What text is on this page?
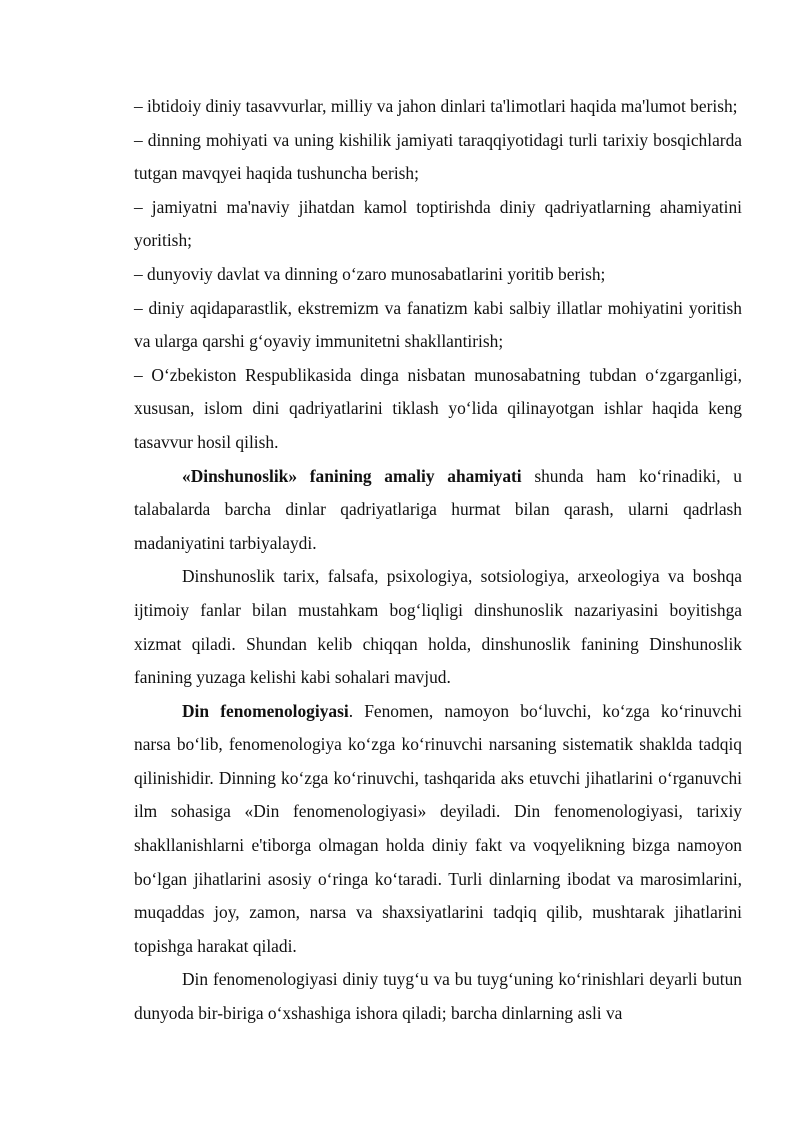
– ibtidoiy diniy tasavvurlar, milliy va jahon dinlari ta'limotlari haqida ma'lumot berish;

– dinning mohiyati va uning kishilik jamiyati taraqqiyotidagi turli tarixiy bosqichlarda tutgan mavqyei haqida tushuncha berish;

– jamiyatni ma'naviy jihatdan kamol toptirishda diniy qadriyatlarning ahamiyatini yoritish;

– dunyoviy davlat va dinning oʻzaro munosabatlarini yoritib berish;

– diniy aqidaparastlik, ekstremizm va fanatizm kabi salbiy illatlar mohiyatini yoritish va ularga qarshi gʻoyaviy immunitetni shakllantirish;

– Oʻzbekiston Respublikasida dinga nisbatan munosabatning tubdan oʻzgarganligi, xususan, islom dini qadriyatlarini tiklash yoʻlida qilinayotgan ishlar haqida keng tasavvur hosil qilish.

«Dinshunoslik» fanining amaliy ahamiyati shunda ham koʻrinadiki, u talabalarda barcha dinlar qadriyatlariga hurmat bilan qarash, ularni qadrlash madaniyatini tarbiyalaydi.

Dinshunoslik tarix, falsafa, psixologiya, sotsiologiya, arxeologiya va boshqa ijtimoiy fanlar bilan mustahkam bogʻliqligi dinshunoslik nazariyasini boyitishga xizmat qiladi. Shundan kelib chiqqan holda, dinshunoslik fanining Dinshunoslik fanining yuzaga kelishi kabi sohalari mavjud.

Din fenomenologiyasi. Fenomen, namoyon boʻluvchi, koʻzga koʻrinuvchi narsa boʻlib, fenomenologiya koʻzga koʻrinuvchi narsaning sistematik shaklda tadqiq qilinishidir. Dinning koʻzga koʻrinuvchi, tashqarida aks etuvchi jihatlarini oʻrganuvchi ilm sohasiga «Din fenomenologiyasi» deyiladi. Din fenomenologiyasi, tarixiy shakllanishlarni e'tiborga olmagan holda diniy fakt va voqyelikning bizga namoyon boʻlgan jihatlarini asosiy oʻringa koʻtaradi. Turli dinlarning ibodat va marosimlarini, muqaddas joy, zamon, narsa va shaxsiyatlarini tadqiq qilib, mushtarak jihatlarini topishga harakat qiladi.

Din fenomenologiyasi diniy tuygʻu va bu tuygʻuning koʻrinishlari deyarli butun dunyoda bir-biriga oʻxshashiga ishora qiladi; barcha dinlarning asli va
